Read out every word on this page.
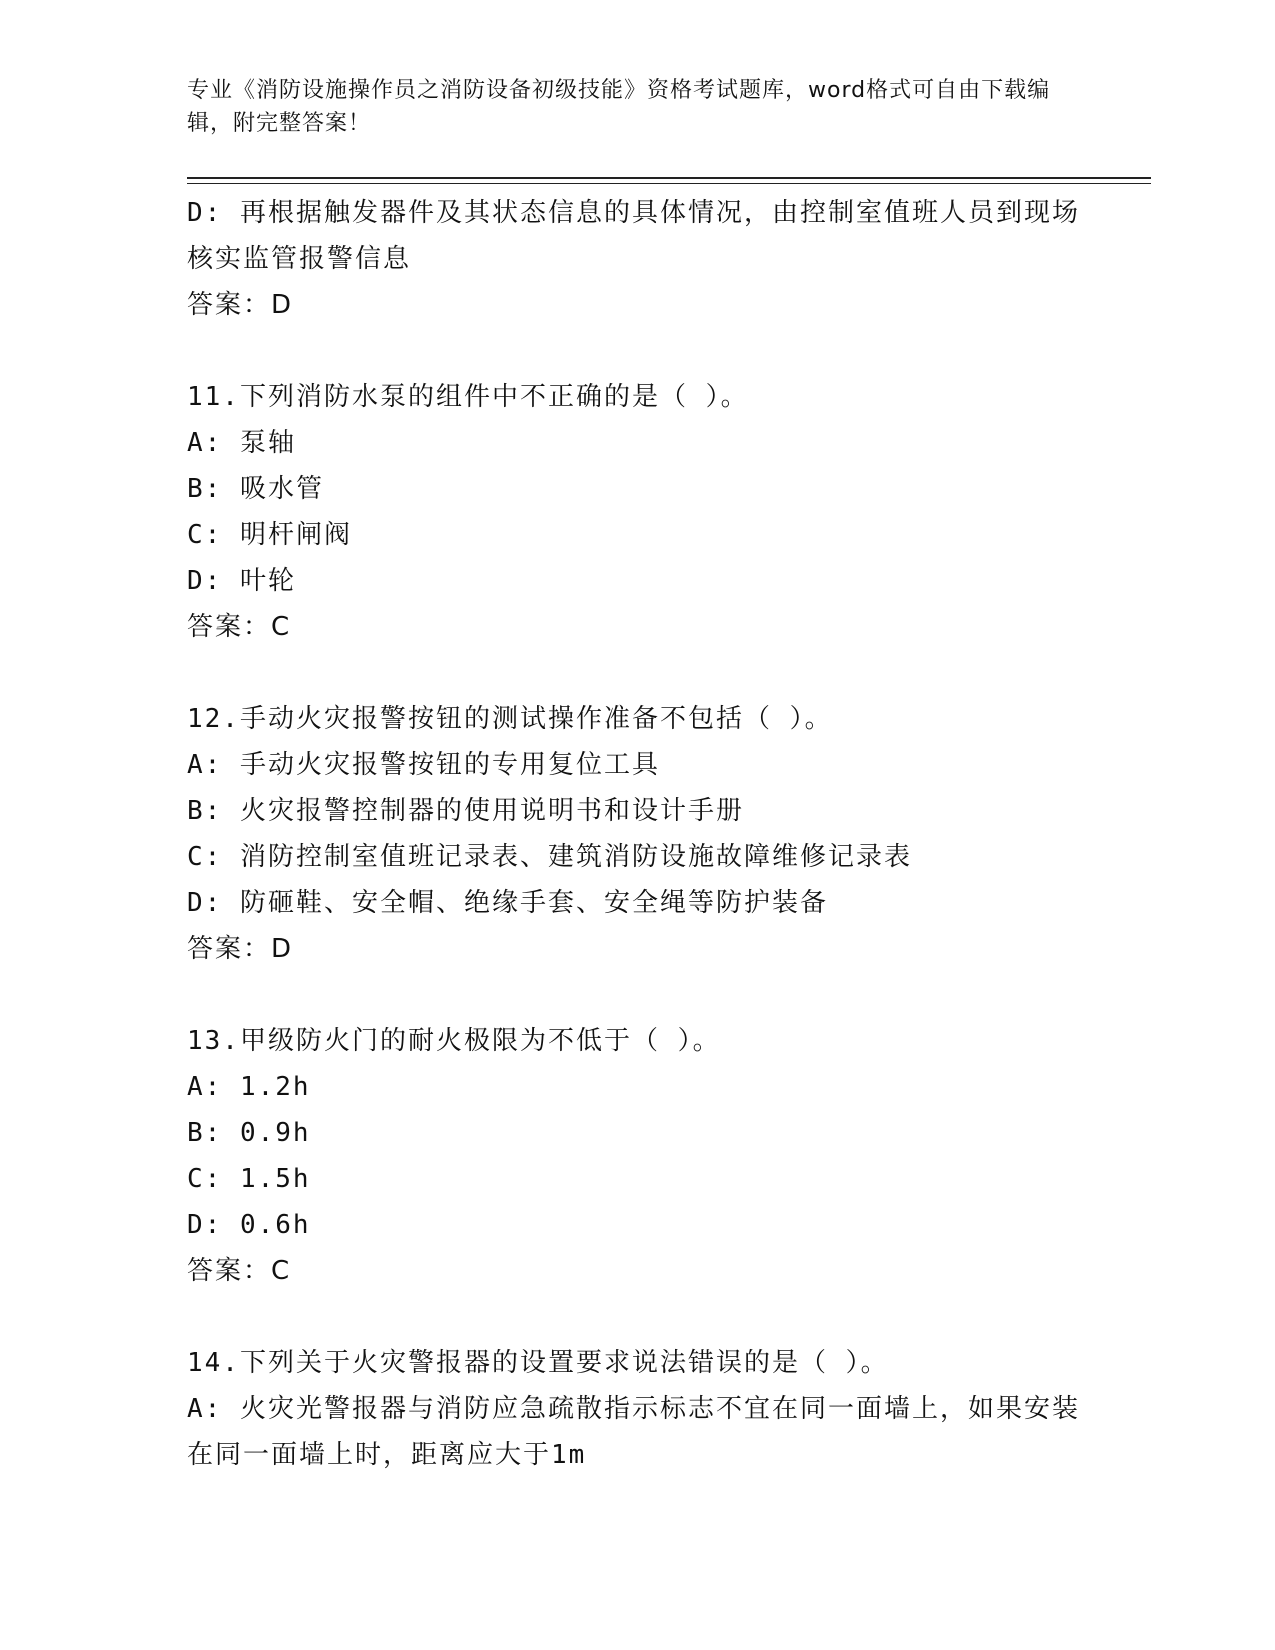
专业《消防设施操作员之消防设备初级技能》资格考试题库，word格式可自由下载编辑，附完整答案！
D: 再根据触发器件及其状态信息的具体情况，由控制室值班人员到现场核实监管报警信息
答案：D
11.下列消防水泵的组件中不正确的是（ ）。
A: 泵轴
B: 吸水管
C: 明杆闸阀
D: 叶轮
答案：C
12.手动火灾报警按钮的测试操作准备不包括（ ）。
A: 手动火灾报警按钮的专用复位工具
B: 火灾报警控制器的使用说明书和设计手册
C: 消防控制室值班记录表、建筑消防设施故障维修记录表
D: 防砸鞋、安全帽、绝缘手套、安全绳等防护装备
答案：D
13.甲级防火门的耐火极限为不低于（ ）。
A: 1.2h
B: 0.9h
C: 1.5h
D: 0.6h
答案：C
14.下列关于火灾警报器的设置要求说法错误的是（ ）。
A: 火灾光警报器与消防应急疏散指示标志不宜在同一面墙上，如果安装在同一面墙上时，距离应大于1m
